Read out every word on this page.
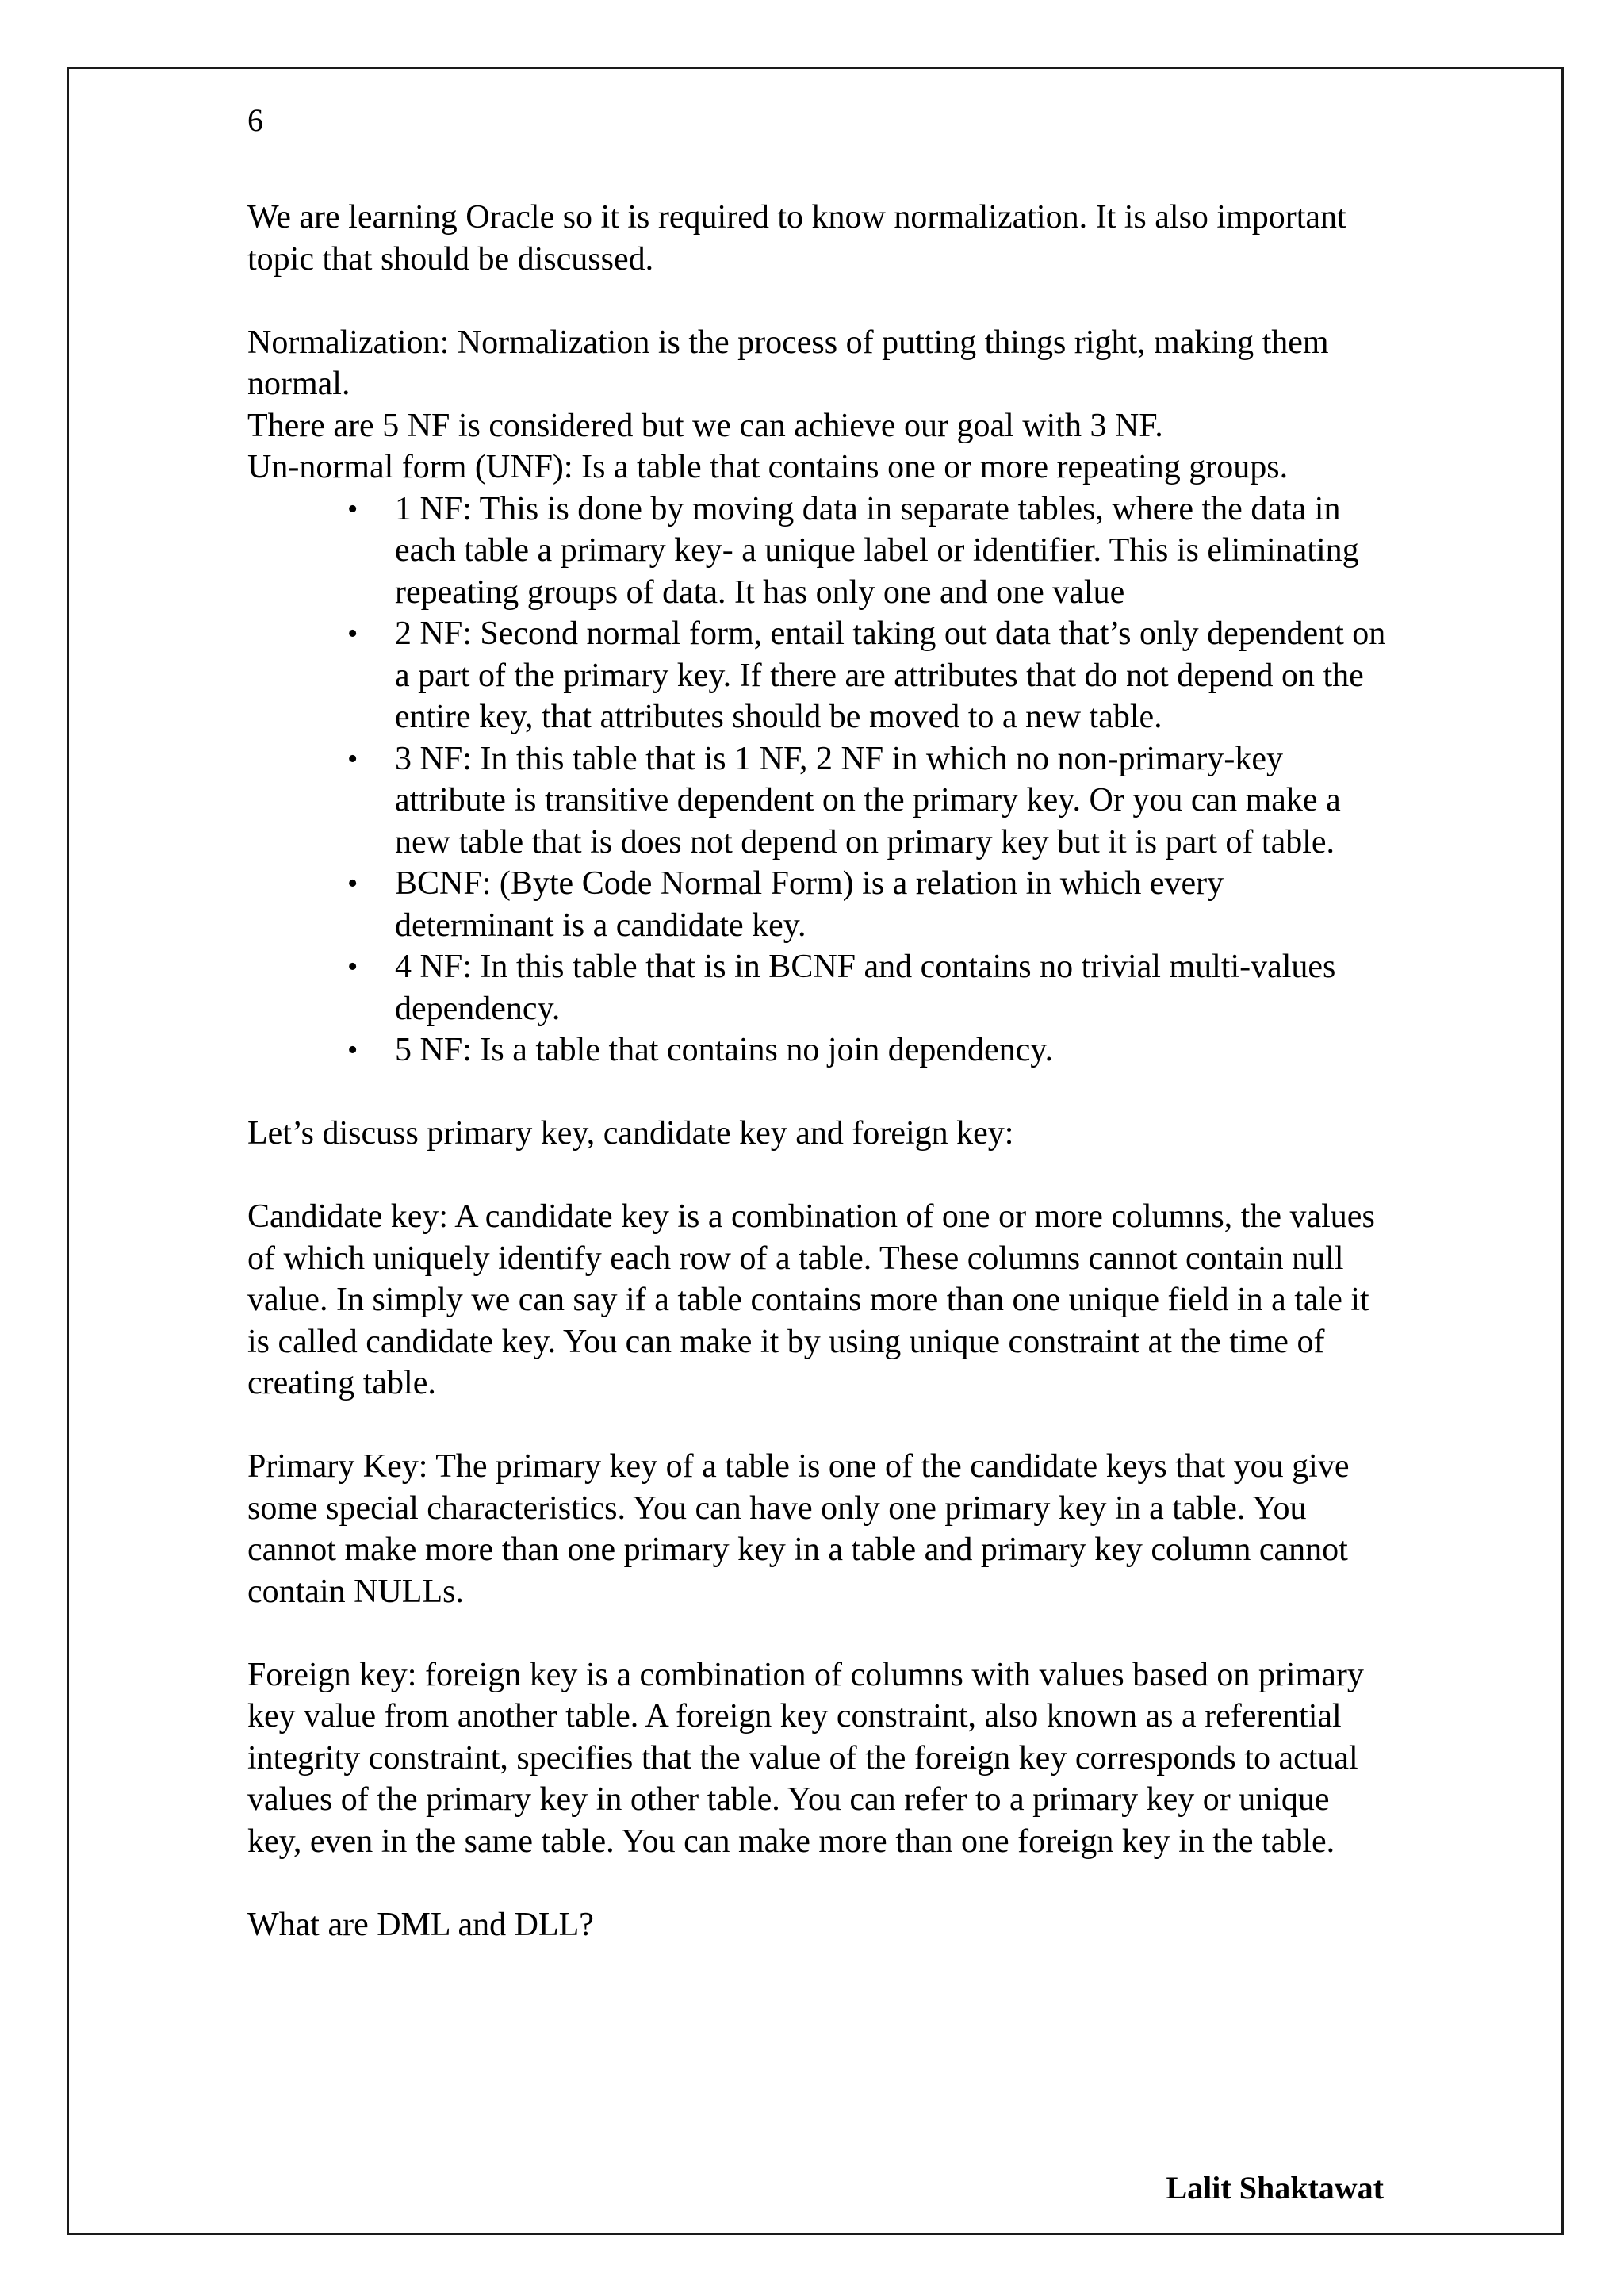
6

We are learning Oracle so it is required to know normalization. It is also important topic that should be discussed.

Normalization: Normalization is the process of putting things right, making them normal.

There are 5 NF is considered but we can achieve our goal with 3 NF.

Un-normal form (UNF): Is a table that contains one or more repeating groups.

• 1 NF: This is done by moving data in separate tables, where the data in each table a primary key- a unique label or identifier. This is eliminating repeating groups of data. It has only one and one value
• 2 NF: Second normal form, entail taking out data that’s only dependent on a part of the primary key. If there are attributes that do not depend on the entire key, that attributes should be moved to a new table.
• 3 NF: In this table that is 1 NF, 2 NF in which no non-primary-key attribute is transitive dependent on the primary key. Or you can make a new table that is does not depend on primary key but it is part of table.
• BCNF: (Byte Code Normal Form) is a relation in which every determinant is a candidate key.
• 4 NF: In this table that is in BCNF and contains no trivial multi-values dependency.
• 5 NF: Is a table that contains no join dependency.

Let’s discuss primary key, candidate key and foreign key:

Candidate key: A candidate key is a combination of one or more columns, the values of which uniquely identify each row of a table. These columns cannot contain null value. In simply we can say if a table contains more than one unique field in a tale it is called candidate key. You can make it by using unique constraint at the time of creating table.

Primary Key: The primary key of a table is one of the candidate keys that you give some special characteristics. You can have only one primary key in a table. You cannot make more than one primary key in a table and primary key column cannot contain NULLs.

Foreign key: foreign key is a combination of columns with values based on primary key value from another table. A foreign key constraint, also known as a referential integrity constraint, specifies that the value of the foreign key corresponds to actual values of the primary key in other table. You can refer to a primary key or unique key, even in the same table. You can make more than one foreign key in the table.

What are DML and DLL?

Lalit Shaktawat
